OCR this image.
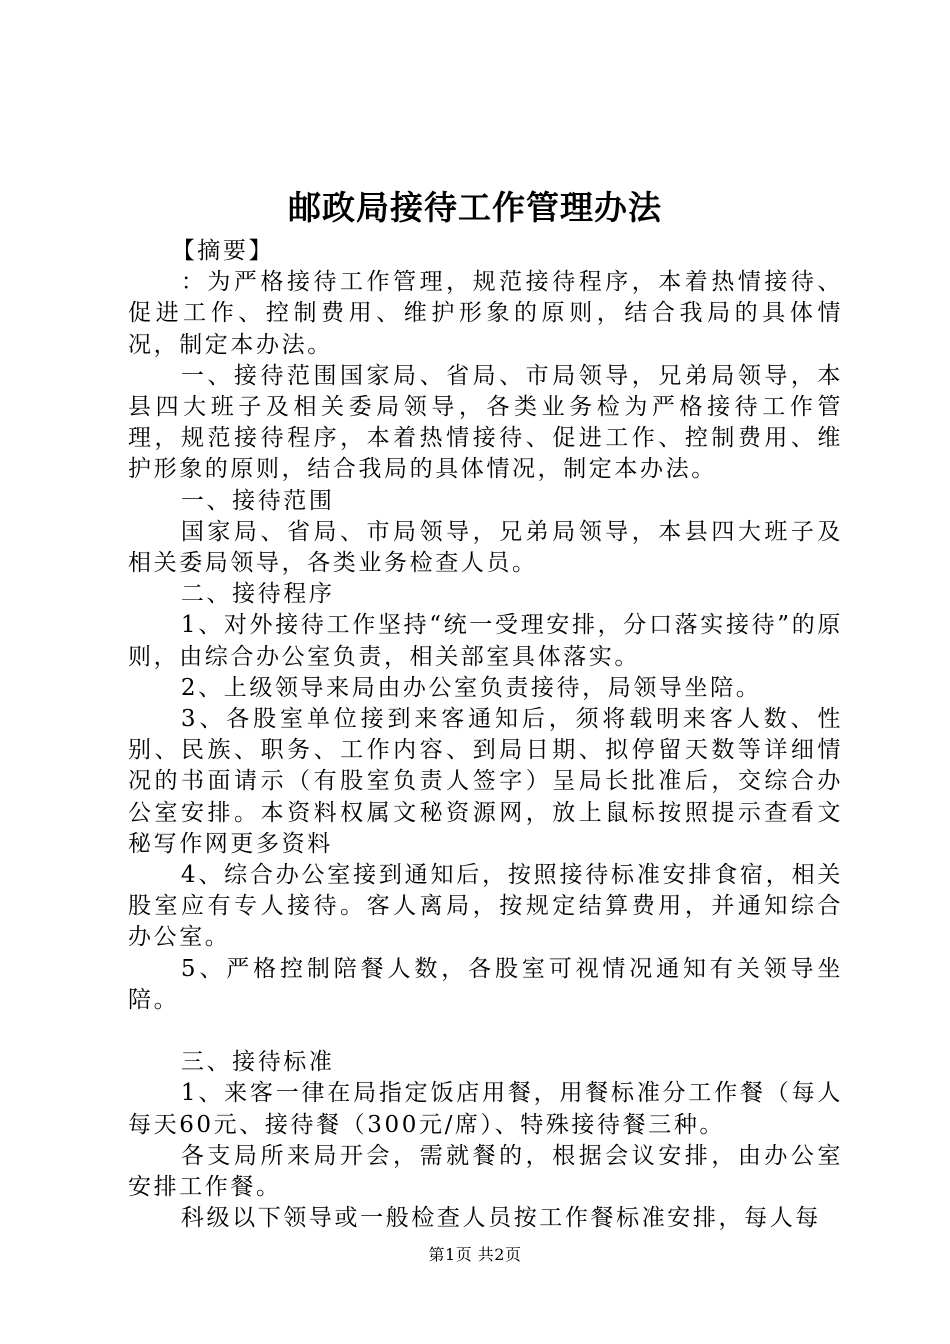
邮政局接待工作管理办法

【摘要】

：为严格接待工作管理，规范接待程序，本着热情接待、促进工作、控制费用、维护形象的原则，结合我局的具体情况，制定本办法。

一、接待范围国家局、省局、市局领导，兄弟局领导，本县四大班子及相关委局领导，各类业务检为严格接待工作管理，规范接待程序，本着热情接待、促进工作、控制费用、维护形象的原则，结合我局的具体情况，制定本办法。

一、接待范围

国家局、省局、市局领导，兄弟局领导，本县四大班子及相关委局领导，各类业务检查人员。

二、接待程序

1、对外接待工作坚持“统一受理安排，分口落实接待”的原则，由综合办公室负责，相关部室具体落实。

2、上级领导来局由办公室负责接待，局领导坐陪。

3、各股室单位接到来客通知后，须将载明来客人数、性别、民族、职务、工作内容、到局日期、拟停留天数等详细情况的书面请示（有股室负责人签字）呈局长批准后，交综合办公室安排。本资料权属文秘资源网，放上鼠标按照提示查看文秘写作网更多资料

4、综合办公室接到通知后，按照接待标准安排食宿，相关股室应有专人接待。客人离局，按规定结算费用，并通知综合办公室。

5、严格控制陪餐人数，各股室可视情况通知有关领导坐陪。

三、接待标准

1、来客一律在局指定饭店用餐，用餐标准分工作餐（每人每天60元、接待餐（300元/席）、特殊接待餐三种。

各支局所来局开会，需就餐的，根据会议安排，由办公室安排工作餐。

科级以下领导或一般检查人员按工作餐标准安排，每人每

第1页 共2页
